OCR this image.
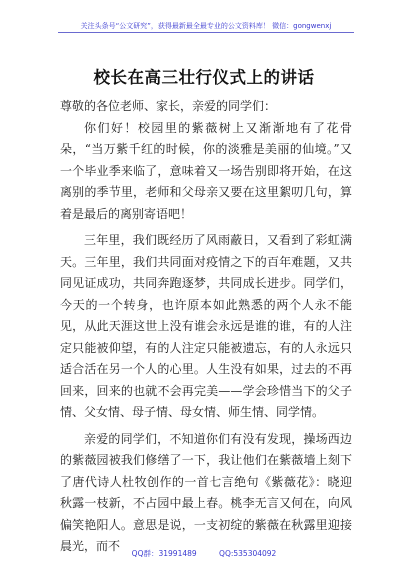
关注头条号“公文研究”，获得最新最全最专业的公文资料库！ 微信：gongwenxj
校长在高三壮行仪式上的讲话

尊敬的各位老师、家长，亲爱的同学们：

你们好！校园里的紫薇树上又渐渐地有了花骨朵，“当万紫千红的时候，你的淡雅是美丽的仙境。”又一个毕业季来临了，意味着又一场告别即将开始，在这离别的季节里，老师和父母亲又要在这里絮叨几句，算着是最后的离别寄语吧！

三年里，我们既经历了风雨蔽日，又看到了彩虹满天。三年里，我们共同面对疫情之下的百年难题，又共同见证成功，共同奔跑逐梦，共同成长进步。同学们，今天的一个转身，也许原本如此熟悉的两个人永不能见，从此天涯这世上没有谁会永远是谁的谁，有的人注定只能被仰望，有的人注定只能被遗忘，有的人永远只适合活在另一个人的心里。人生没有如果，过去的不再回来，回来的也就不会再完美——学会珍惜当下的父子情、父女情、母子情、母女情、师生情、同学情。

亲爱的同学们，不知道你们有没有发现，操场西边的紫薇园被我们修缮了一下，我让他们在紫薇墙上刻下了唐代诗人杜牧创作的一首七言绝句《紫薇花》：晓迎秋露一枝新，不占园中最上春。桃李无言又何在，向风偏笑艳阳人。意思是说，一支初绽的紫薇在秋露里迎接晨光，而不

QQ群：31991489	QQ:535304092
